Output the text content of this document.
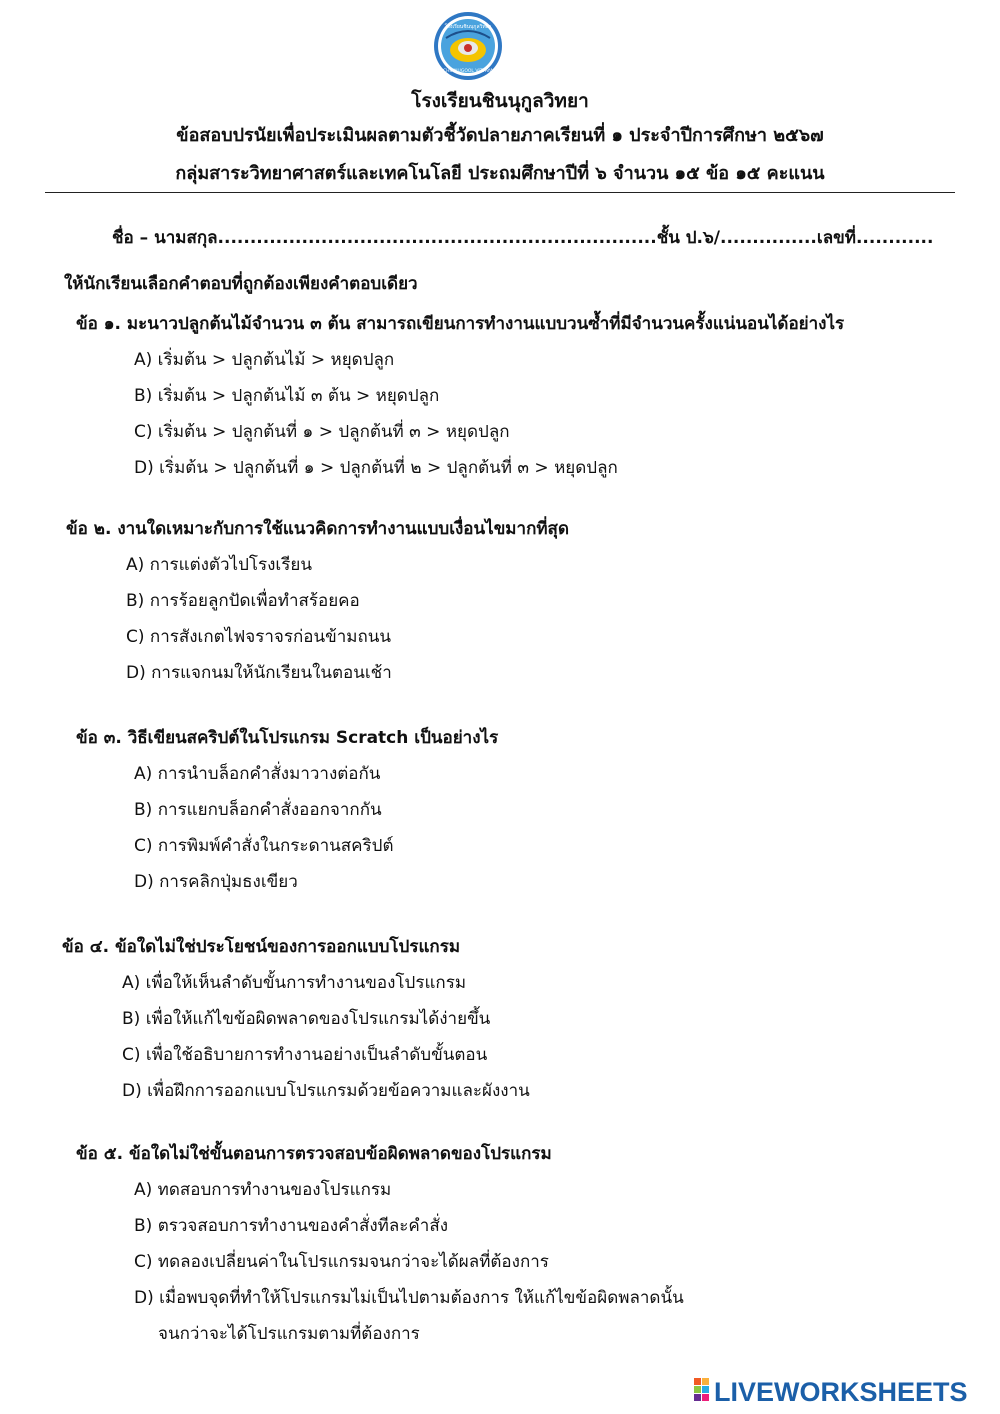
โรงเรียนชินนุกูลวิทยา
CHINNUGOOL VITTAYA
โรงเรียนชินนุกูลวิทยา
ข้อสอบปรนัยเพื่อประเมินผลตามตัวชี้วัดปลายภาคเรียนที่ ๑ ประจำปีการศึกษา ๒๕๖๗
กลุ่มสาระวิทยาศาสตร์และเทคโนโลยี ประถมศึกษาปีที่ ๖ จำนวน ๑๕ ข้อ ๑๕ คะแนน
ชื่อ – นามสกุล....................................................................ชั้น ป.๖/...............เลขที่............
ให้นักเรียนเลือกคำตอบที่ถูกต้องเพียงคำตอบเดียว
ข้อ ๑. มะนาวปลูกต้นไม้จำนวน ๓ ต้น สามารถเขียนการทำงานแบบวนซ้ำที่มีจำนวนครั้งแน่นอนได้อย่างไร
A) เริ่มต้น > ปลูกต้นไม้ > หยุดปลูก
B) เริ่มต้น > ปลูกต้นไม้ ๓ ต้น > หยุดปลูก
C) เริ่มต้น > ปลูกต้นที่ ๑ > ปลูกต้นที่ ๓ > หยุดปลูก
D) เริ่มต้น > ปลูกต้นที่ ๑ > ปลูกต้นที่ ๒ > ปลูกต้นที่ ๓ > หยุดปลูก
ข้อ ๒. งานใดเหมาะกับการใช้แนวคิดการทำงานแบบเงื่อนไขมากที่สุด
A) การแต่งตัวไปโรงเรียน
B) การร้อยลูกปัดเพื่อทำสร้อยคอ
C) การสังเกตไฟจราจรก่อนข้ามถนน
D) การแจกนมให้นักเรียนในตอนเช้า
ข้อ ๓. วิธีเขียนสคริปต์ในโปรแกรม Scratch เป็นอย่างไร
A) การนำบล็อกคำสั่งมาวางต่อกัน
B) การแยกบล็อกคำสั่งออกจากกัน
C) การพิมพ์คำสั่งในกระดานสคริปต์
D) การคลิกปุ่มธงเขียว
ข้อ ๔. ข้อใดไม่ใช่ประโยชน์ของการออกแบบโปรแกรม
A) เพื่อให้เห็นลำดับขั้นการทำงานของโปรแกรม
B) เพื่อให้แก้ไขข้อผิดพลาดของโปรแกรมได้ง่ายขึ้น
C) เพื่อใช้อธิบายการทำงานอย่างเป็นลำดับขั้นตอน
D) เพื่อฝึกการออกแบบโปรแกรมด้วยข้อความและผังงาน
ข้อ ๕. ข้อใดไม่ใช่ขั้นตอนการตรวจสอบข้อผิดพลาดของโปรแกรม
A) ทดสอบการทำงานของโปรแกรม
B) ตรวจสอบการทำงานของคำสั่งทีละคำสั่ง
C) ทดลองเปลี่ยนค่าในโปรแกรมจนกว่าจะได้ผลที่ต้องการ
D) เมื่อพบจุดที่ทำให้โปรแกรมไม่เป็นไปตามต้องการ ให้แก้ไขข้อผิดพลาดนั้น
จนกว่าจะได้โปรแกรมตามที่ต้องการ
LIVEWORKSHEETS
